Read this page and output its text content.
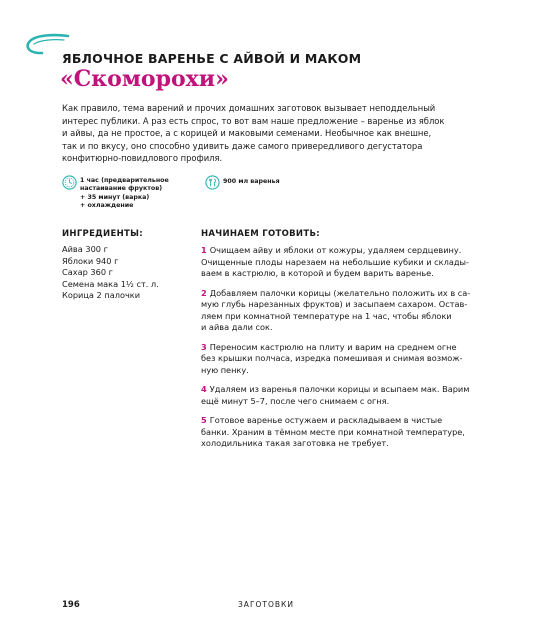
ЯБЛОЧНОЕ ВАРЕНЬЕ С АЙВОЙ И МАКОМ
«Скоморохи»
Как правило, тема варений и прочих домашних заготовок вызывает неподдельный
интерес публики. А раз есть спрос, то вот вам наше предложение – варенье из яблок
и айвы, да не простое, а с корицей и маковыми семенами. Необычное как внешне,
так и по вкусу, оно способно удивить даже самого привередливого дегустатора
конфитюрно-повидлового профиля.
1 час (предварительное
настаивание фруктов)
+ 35 минут (варка)
+ охлаждение
900 мл варенья
ИНГРЕДИЕНТЫ:
Айва 300 г
Яблоки 940 г
Сахар 360 г
Семена мака 1½ ст. л.
Корица 2 палочки
НАЧИНАЕМ ГОТОВИТЬ:
1 Очищаем айву и яблоки от кожуры, удаляем сердцевину.
Очищенные плоды нарезаем на небольшие кубики и склады-
ваем в кастрюлю, в которой и будем варить варенье.
2 Добавляем палочки корицы (желательно положить их в са-
мую глубь нарезанных фруктов) и засыпаем сахаром. Остав-
ляем при комнатной температуре на 1 час, чтобы яблоки
и айва дали сок.
3 Переносим кастрюлю на плиту и варим на среднем огне
без крышки полчаса, изредка помешивая и снимая возмож-
ную пенку.
4 Удаляем из варенья палочки корицы и всыпаем мак. Варим
ещё минут 5–7, после чего снимаем с огня.
5 Готовое варенье остужаем и раскладываем в чистые
банки. Храним в тёмном месте при комнатной температуре,
холодильника такая заготовка не требует.
196	ЗАГОТОВКИ
